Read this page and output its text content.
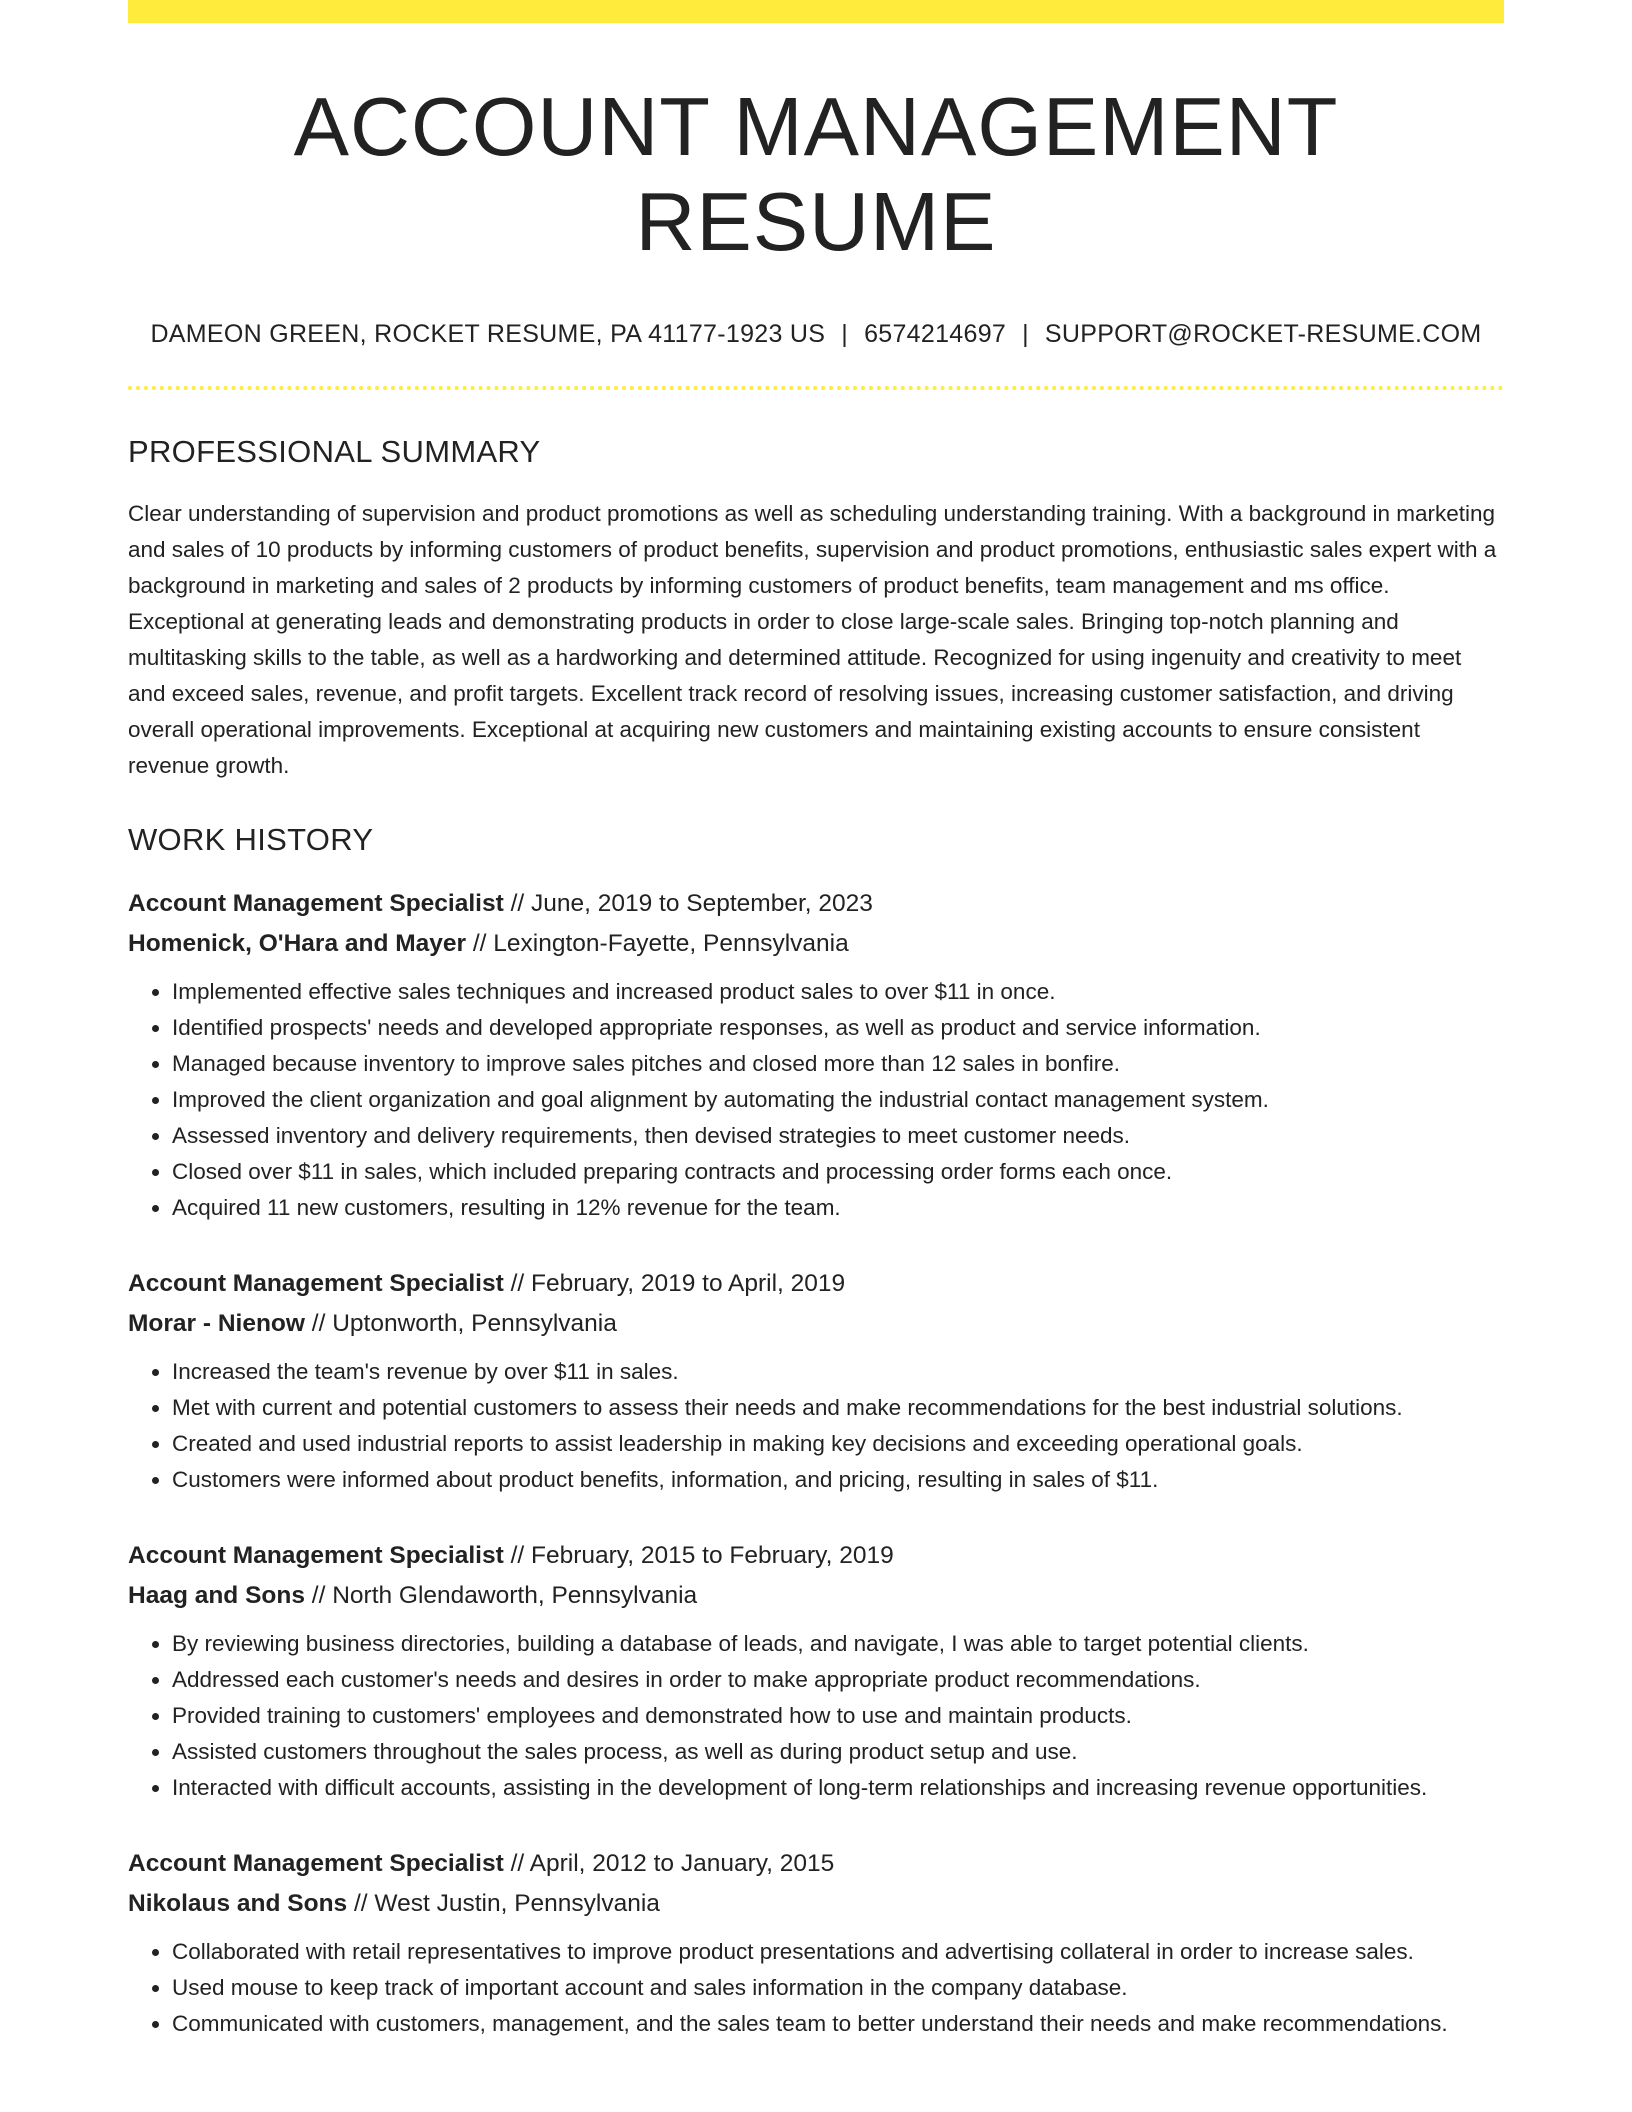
ACCOUNT MANAGEMENT RESUME
DAMEON GREEN, ROCKET RESUME, PA 41177-1923 US | 6574214697 | SUPPORT@ROCKET-RESUME.COM
PROFESSIONAL SUMMARY

Clear understanding of supervision and product promotions as well as scheduling understanding training. With a background in marketing and sales of 10 products by informing customers of product benefits, supervision and product promotions, enthusiastic sales expert with a background in marketing and sales of 2 products by informing customers of product benefits, team management and ms office. Exceptional at generating leads and demonstrating products in order to close large-scale sales. Bringing top-notch planning and multitasking skills to the table, as well as a hardworking and determined attitude. Recognized for using ingenuity and creativity to meet and exceed sales, revenue, and profit targets. Excellent track record of resolving issues, increasing customer satisfaction, and driving overall operational improvements. Exceptional at acquiring new customers and maintaining existing accounts to ensure consistent revenue growth.

WORK HISTORY
Account Management Specialist // June, 2019 to September, 2023
Homenick, O'Hara and Mayer // Lexington-Fayette, Pennsylvania
• Implemented effective sales techniques and increased product sales to over $11 in once.
• Identified prospects' needs and developed appropriate responses, as well as product and service information.
• Managed because inventory to improve sales pitches and closed more than 12 sales in bonfire.
• Improved the client organization and goal alignment by automating the industrial contact management system.
• Assessed inventory and delivery requirements, then devised strategies to meet customer needs.
• Closed over $11 in sales, which included preparing contracts and processing order forms each once.
• Acquired 11 new customers, resulting in 12% revenue for the team.
Account Management Specialist // February, 2019 to April, 2019
Morar - Nienow // Uptonworth, Pennsylvania
• Increased the team's revenue by over $11 in sales.
• Met with current and potential customers to assess their needs and make recommendations for the best industrial solutions.
• Created and used industrial reports to assist leadership in making key decisions and exceeding operational goals.
• Customers were informed about product benefits, information, and pricing, resulting in sales of $11.
Account Management Specialist // February, 2015 to February, 2019
Haag and Sons // North Glendaworth, Pennsylvania
• By reviewing business directories, building a database of leads, and navigate, I was able to target potential clients.
• Addressed each customer's needs and desires in order to make appropriate product recommendations.
• Provided training to customers' employees and demonstrated how to use and maintain products.
• Assisted customers throughout the sales process, as well as during product setup and use.
• Interacted with difficult accounts, assisting in the development of long-term relationships and increasing revenue opportunities.
Account Management Specialist // April, 2012 to January, 2015
Nikolaus and Sons // West Justin, Pennsylvania
• Collaborated with retail representatives to improve product presentations and advertising collateral in order to increase sales.
• Used mouse to keep track of important account and sales information in the company database.
• Communicated with customers, management, and the sales team to better understand their needs and make recommendations.
